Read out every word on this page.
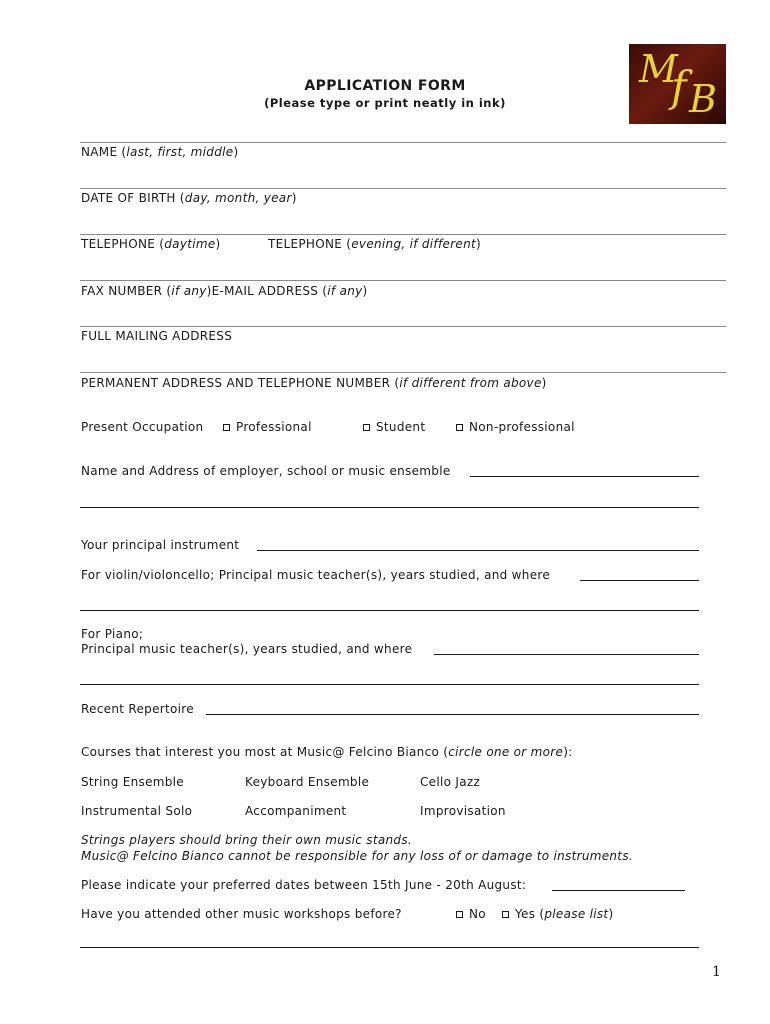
M
f B
APPLICATION FORM
(Please type or print neatly in ink)
NAME (last, first, middle)
DATE OF BIRTH (day, month, year)
TELEPHONE (daytime)	TELEPHONE (evening, if different)
FAX NUMBER (if any)E-MAIL ADDRESS (if any)
FULL MAILING ADDRESS
PERMANENT ADDRESS AND TELEPHONE NUMBER (if different from above)
Present Occupation	Professional	Student	Non-professional
Name and Address of employer, school or music ensemble
Your principal instrument
For violin/violoncello; Principal music teacher(s), years studied, and where
For Piano;
Principal music teacher(s), years studied, and where
Recent Repertoire
Courses that interest you most at Music@ Felcino Bianco (circle one or more):
String Ensemble	Keyboard Ensemble	Cello Jazz
Instrumental Solo	Accompaniment	Improvisation
Strings players should bring their own music stands.
Music@ Felcino Bianco cannot be responsible for any loss of or damage to instruments.
Please indicate your preferred dates between 15th June - 20th August:
Have you attended other music workshops before?	No	Yes (please list)
1
